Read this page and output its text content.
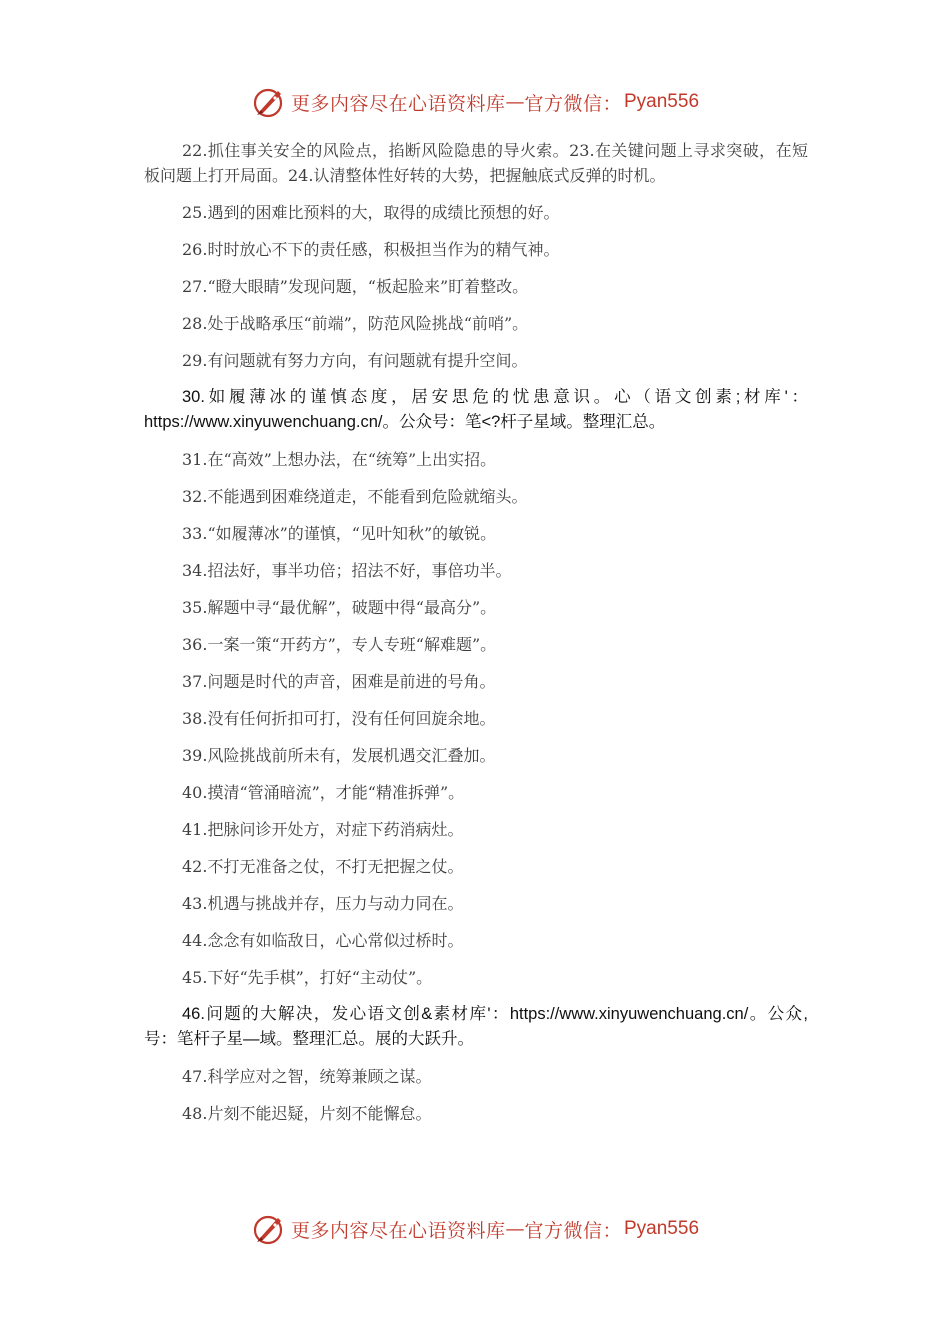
更多内容尽在心语资料库 — 官方微信： Pyan556

22.抓住事关安全的风险点，掐断风险隐患的导火索。23.在关键问题上寻求突破，在短板问题上打开局面。24.认清整体性好转的大势，把握触底式反弹的时机。

25.遇到的困难比预料的大，取得的成绩比预想的好。

26.时时放心不下的责任感，积极担当作为的精气神。

27.“瞪大眼睛”发现问题，“板起脸来”盯着整改。

28.处于战略承压“前端”，防范风险挑战“前哨”。

29.有问题就有努力方向，有问题就有提升空间。

30.如履薄冰的谨慎态度，居安思危的忧患意识。心（语文创素;材库'：https://www.xinyuwenchuang.cn/。公众号：笔<?杆子星域。整理汇总。

31.在“高效”上想办法，在“统筹”上出实招。

32.不能遇到困难绕道走，不能看到危险就缩头。

33.“如履薄冰”的谨慎，“见叶知秋”的敏锐。

34.招法好，事半功倍；招法不好，事倍功半。

35.解题中寻“最优解”，破题中得“最高分”。

36.一案一策“开药方”，专人专班“解难题”。

37.问题是时代的声音，困难是前进的号角。

38.没有任何折扣可打，没有任何回旋余地。

39.风险挑战前所未有，发展机遇交汇叠加。

40.摸清“管涌暗流”，才能“精准拆弹”。

41.把脉问诊开处方，对症下药消病灶。

42.不打无准备之仗，不打无把握之仗。

43.机遇与挑战并存，压力与动力同在。

44.念念有如临敌日，心心常似过桥时。

45.下好“先手棋”，打好“主动仗”。

46.问题的大解决，发心语文创&素材库'：https://www.xinyuwenchuang.cn/。公众,号：笔杆子星—域。整理汇总。展的大跃升。

47.科学应对之智，统筹兼顾之谋。

48.片刻不能迟疑，片刻不能懈怠。

更多内容尽在心语资料库 — 官方微信： Pyan556
